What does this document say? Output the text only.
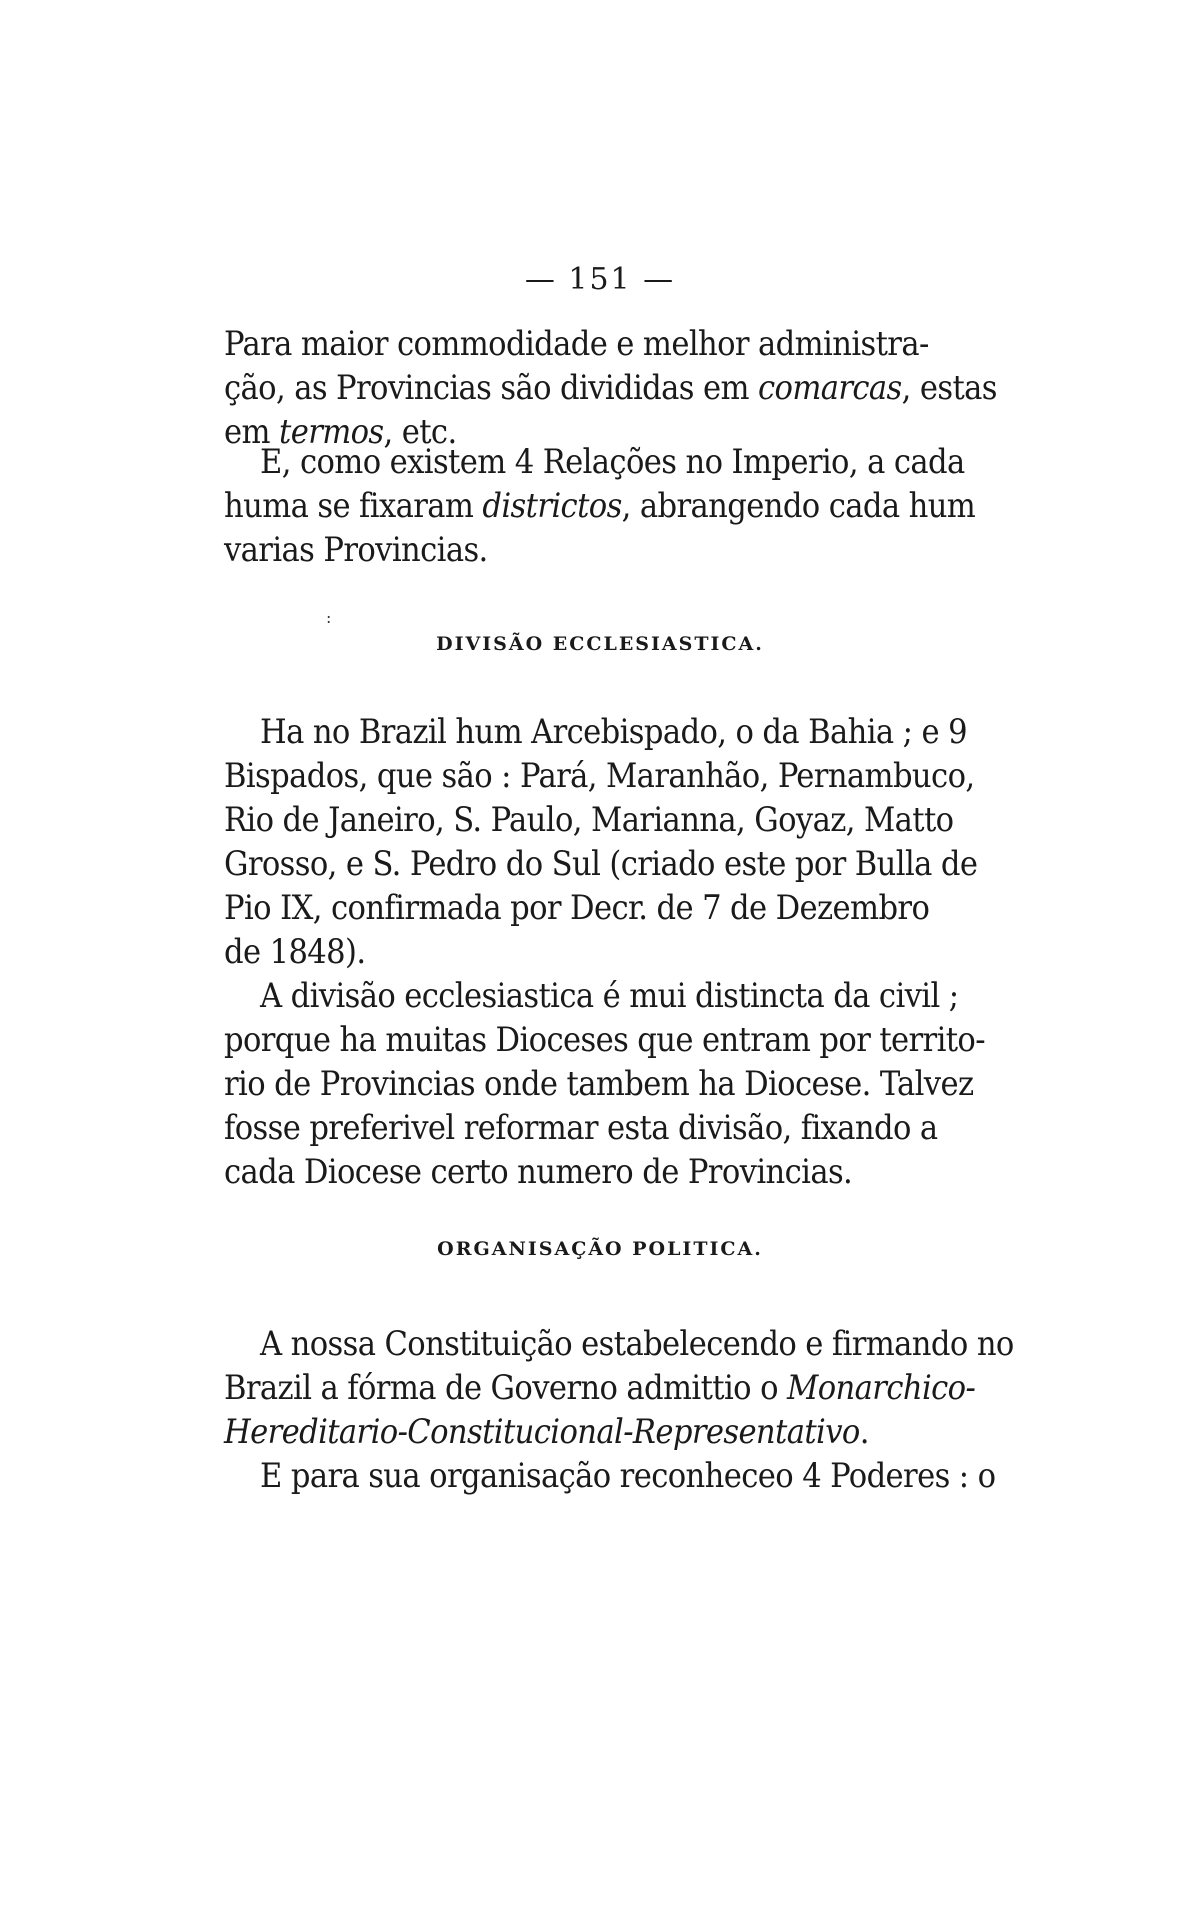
— 151 —
Para maior commodidade e melhor administra-
ção, as Provincias são divididas em comarcas, estas
em termos, etc.
E, como existem 4 Relações no Imperio, a cada
huma se fixaram districtos, abrangendo cada hum
varias Provincias.
:
DIVISÃO ECCLESIASTICA.
Ha no Brazil hum Arcebispado, o da Bahia ; e 9
Bispados, que são : Pará, Maranhão, Pernambuco,
Rio de Janeiro, S. Paulo, Marianna, Goyaz, Matto
Grosso, e S. Pedro do Sul (criado este por Bulla de
Pio IX, confirmada por Decr. de 7 de Dezembro
de 1848).
A divisão ecclesiastica é mui distincta da civil ;
porque ha muitas Dioceses que entram por territo-
rio de Provincias onde tambem ha Diocese. Talvez
fosse preferivel reformar esta divisão, fixando a
cada Diocese certo numero de Provincias.
ORGANISAÇÃO POLITICA.
A nossa Constituição estabelecendo e firmando no
Brazil a fórma de Governo admittio o Monarchico-
Hereditario-Constitucional-Representativo.
E para sua organisação reconheceo 4 Poderes : o
